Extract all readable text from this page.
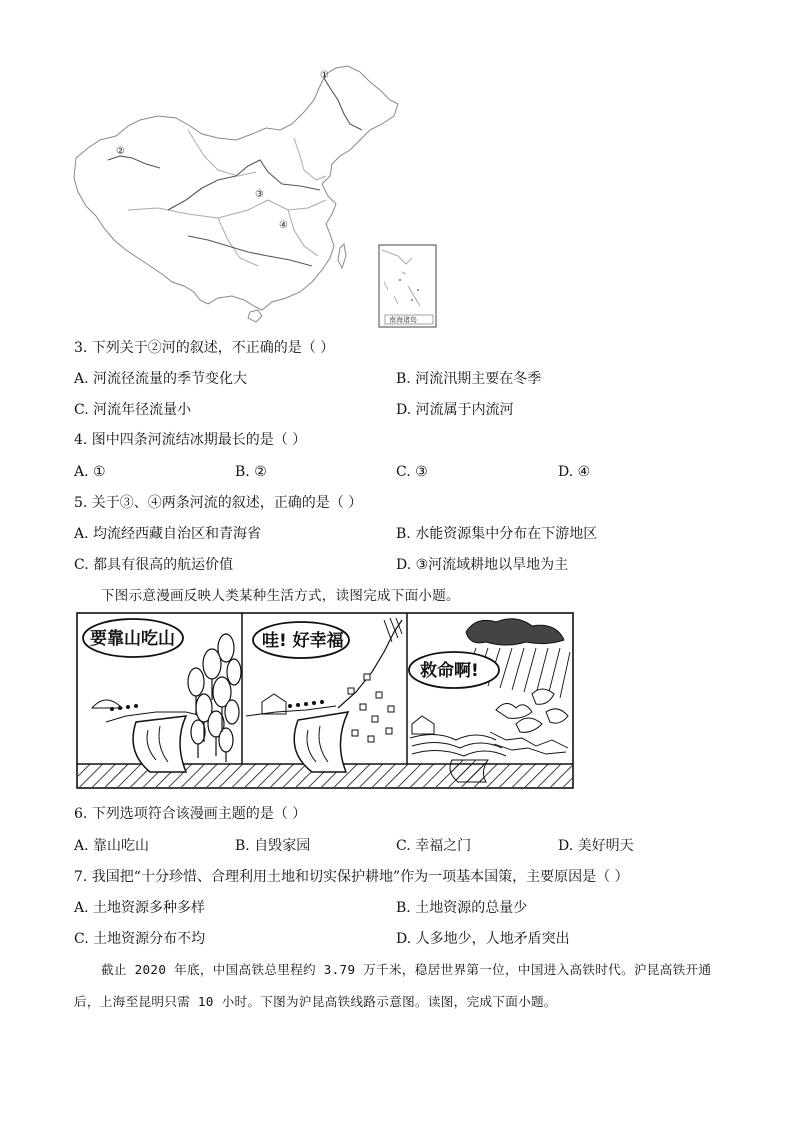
①
②
③
④
南海诸岛
3. 下列关于②河的叙述，不正确的是（ ）
A. 河流径流量的季节变化大	B. 河流汛期主要在冬季
C. 河流年径流量小	D. 河流属于内流河
4. 图中四条河流结冰期最长的是（ ）
A. ①	B. ②	C. ③	D. ④
5. 关于③、④两条河流的叙述，正确的是（ ）
A. 均流经西藏自治区和青海省	B. 水能资源集中分布在下游地区
C. 都具有很高的航运价值	D. ③河流域耕地以旱地为主
下图示意漫画反映人类某种生活方式，读图完成下面小题。
要靠山吃山	哇! 好幸福
救命啊!
6. 下列选项符合该漫画主题的是（ ）
A. 靠山吃山	B. 自毁家园	C. 幸福之门	D. 美好明天
7. 我国把“十分珍惜、合理利用土地和切实保护耕地”作为一项基本国策，主要原因是（ ）
A. 土地资源多种多样	B. 土地资源的总量少
C. 土地资源分布不均	D. 人多地少，人地矛盾突出
截止 2020 年底，中国高铁总里程约 3.79 万千米，稳居世界第一位，中国进入高铁时代。沪昆高铁开通
后，上海至昆明只需 10 小时。下图为沪昆高铁线路示意图。读图，完成下面小题。
